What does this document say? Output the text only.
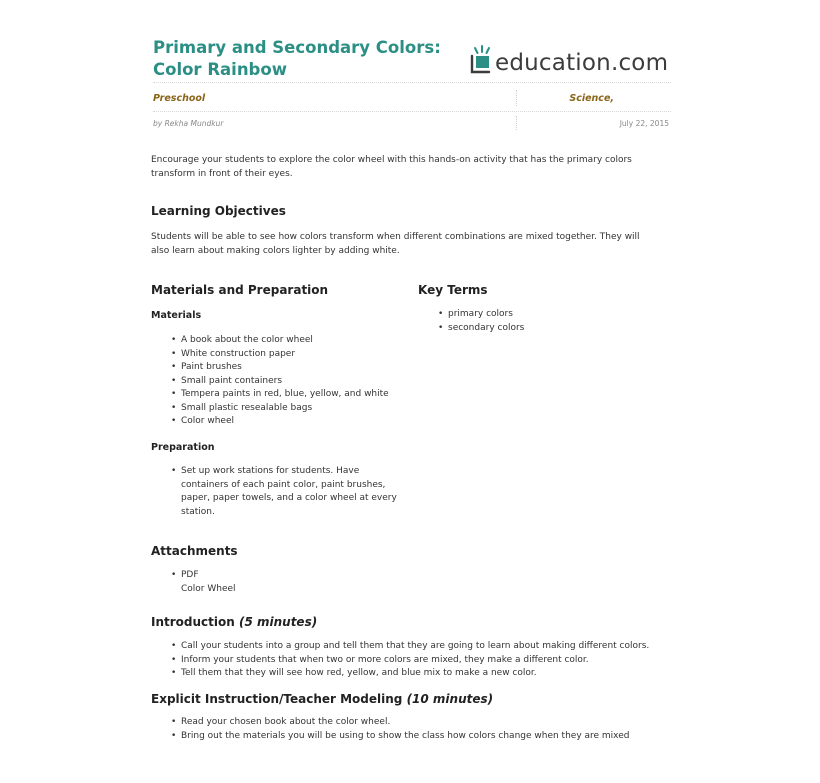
Primary and Secondary Colors:
Color Rainbow	education.com
Preschool	Science,
by Rekha Mundkur	July 22, 2015

Encourage your students to explore the color wheel with this hands-on activity that has the primary colors transform in front of their eyes.

Learning Objectives

Students will be able to see how colors transform when different combinations are mixed together. They will also learn about making colors lighter by adding white.

Materials and Preparation
Materials
• A book about the color wheel
• White construction paper
• Paint brushes
• Small paint containers
• Tempera paints in red, blue, yellow, and white
• Small plastic resealable bags
• Color wheel
Preparation
• Set up work stations for students. Have containers of each paint color, paint brushes, paper, paper towels, and a color wheel at every station.
Key Terms
• primary colors
• secondary colors
Attachments
• PDF
Color Wheel
Introduction (5 minutes)
• Call your students into a group and tell them that they are going to learn about making different colors.
• Inform your students that when two or more colors are mixed, they make a different color.
• Tell them that they will see how red, yellow, and blue mix to make a new color.
Explicit Instruction/Teacher Modeling (10 minutes)
• Read your chosen book about the color wheel.
• Bring out the materials you will be using to show the class how colors change when they are mixed
